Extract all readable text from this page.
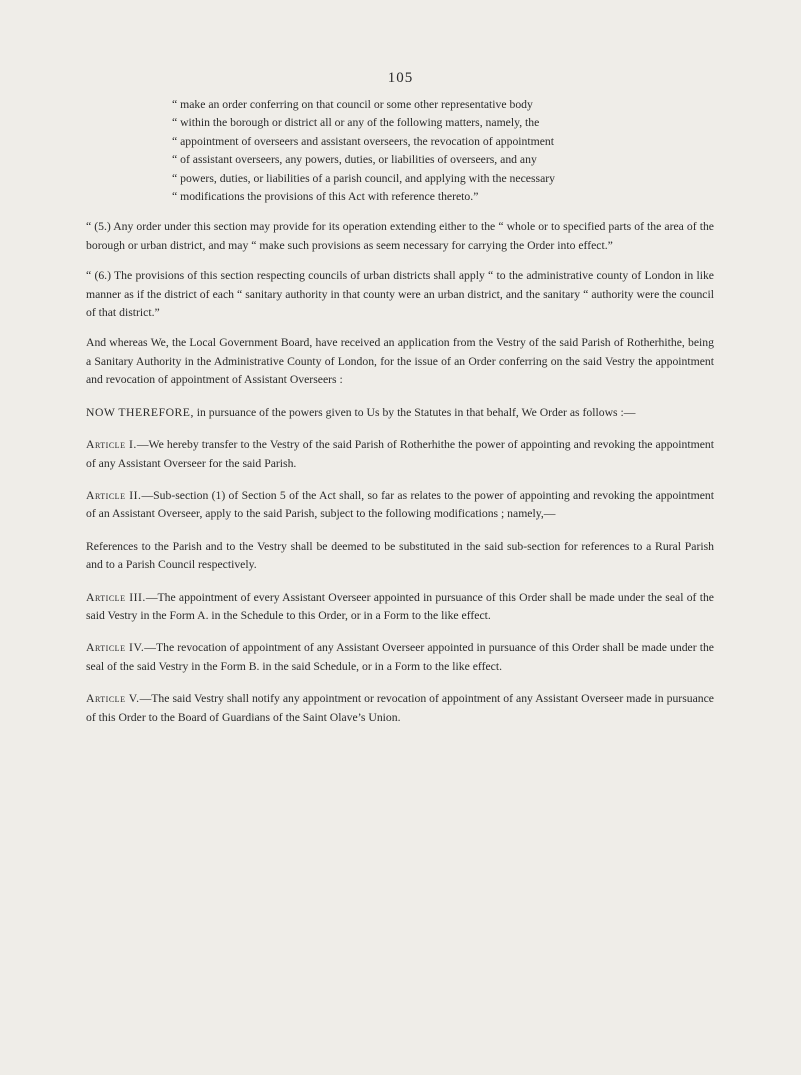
105

“ make an order conferring on that council or some other representative body

“ within the borough or district all or any of the following matters, namely, the

“ appointment of overseers and assistant overseers, the revocation of appointment

“ of assistant overseers, any powers, duties, or liabilities of overseers, and any

“ powers, duties, or liabilities of a parish council, and applying with the necessary

“ modifications the provisions of this Act with reference thereto.”

“ (5.) Any order under this section may provide for its operation extending either to the “ whole or to specified parts of the area of the borough or urban district, and may “ make such provisions as seem necessary for carrying the Order into effect.”

“ (6.) The provisions of this section respecting councils of urban districts shall apply “ to the administrative county of London in like manner as if the district of each “ sanitary authority in that county were an urban district, and the sanitary “ authority were the council of that district.”

And whereas We, the Local Government Board, have received an application from the Vestry of the said Parish of Rotherhithe, being a Sanitary Authority in the Administrative County of London, for the issue of an Order conferring on the said Vestry the appointment and revocation of appointment of Assistant Overseers :

NOW THEREFORE, in pursuance of the powers given to Us by the Statutes in that behalf, We Order as follows :—

Article I.—We hereby transfer to the Vestry of the said Parish of Rotherhithe the power of appointing and revoking the appointment of any Assistant Overseer for the said Parish.

Article II.—Sub-section (1) of Section 5 of the Act shall, so far as relates to the power of appointing and revoking the appointment of an Assistant Overseer, apply to the said Parish, subject to the following modifications ; namely,—

References to the Parish and to the Vestry shall be deemed to be substituted in the said sub-section for references to a Rural Parish and to a Parish Council respectively.

Article III.—The appointment of every Assistant Overseer appointed in pursuance of this Order shall be made under the seal of the said Vestry in the Form A. in the Schedule to this Order, or in a Form to the like effect.

Article IV.—The revocation of appointment of any Assistant Overseer appointed in pursuance of this Order shall be made under the seal of the said Vestry in the Form B. in the said Schedule, or in a Form to the like effect.

Article V.—The said Vestry shall notify any appointment or revocation of appointment of any Assistant Overseer made in pursuance of this Order to the Board of Guardians of the Saint Olave’s Union.
